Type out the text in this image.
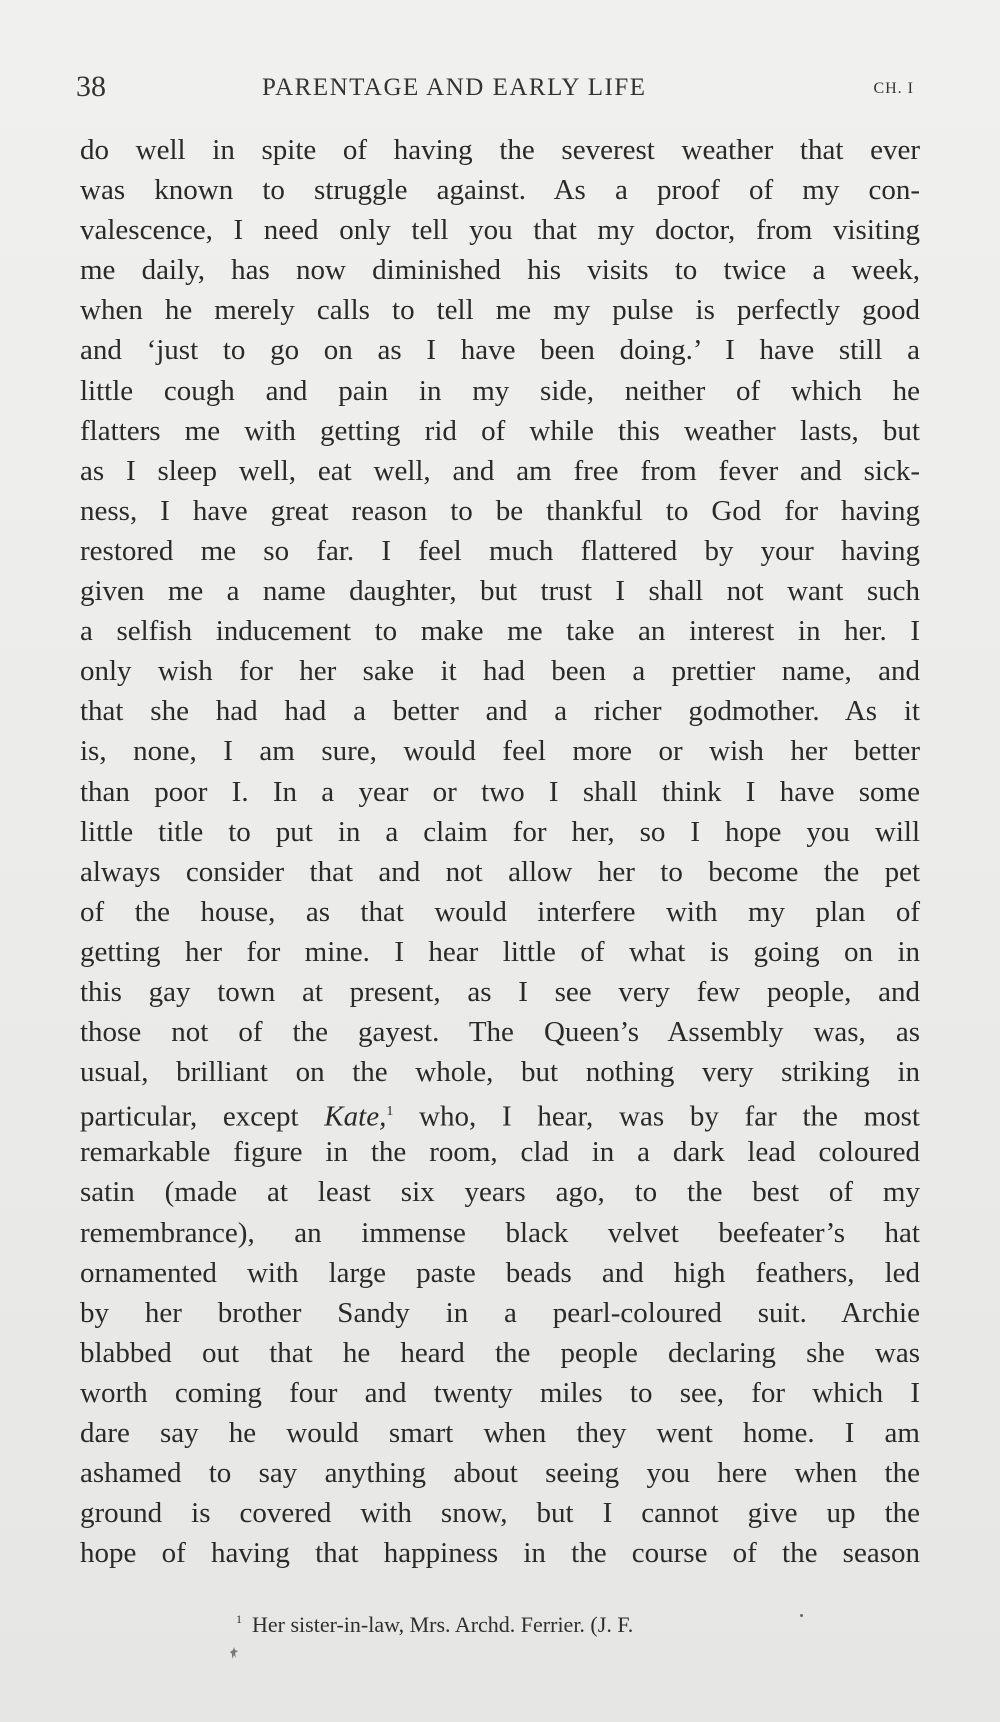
38	PARENTAGE AND EARLY LIFE	CH. I
do well in spite of having the severest weather that ever
was known to struggle against. As a proof of my con-
valescence, I need only tell you that my doctor, from visiting
me daily, has now diminished his visits to twice a week,
when he merely calls to tell me my pulse is perfectly good
and ‘just to go on as I have been doing.’ I have still a
little cough and pain in my side, neither of which he
flatters me with getting rid of while this weather lasts, but
as I sleep well, eat well, and am free from fever and sick-
ness, I have great reason to be thankful to God for having
restored me so far. I feel much flattered by your having
given me a name daughter, but trust I shall not want such
a selfish inducement to make me take an interest in her. I
only wish for her sake it had been a prettier name, and
that she had had a better and a richer godmother. As it
is, none, I am sure, would feel more or wish her better
than poor I. In a year or two I shall think I have some
little title to put in a claim for her, so I hope you will
always consider that and not allow her to become the pet
of the house, as that would interfere with my plan of
getting her for mine. I hear little of what is going on in
this gay town at present, as I see very few people, and
those not of the gayest. The Queen’s Assembly was, as
usual, brilliant on the whole, but nothing very striking in
particular, except Kate,$^1$ who, I hear, was by far the most
remarkable figure in the room, clad in a dark lead coloured
satin (made at least six years ago, to the best of my
remembrance), an immense black velvet beefeater’s hat
ornamented with large paste beads and high feathers, led
by her brother Sandy in a pearl-coloured suit. Archie
blabbed out that he heard the people declaring she was
worth coming four and twenty miles to see, for which I
dare say he would smart when they went home. I am
ashamed to say anything about seeing you here when the
ground is covered with snow, but I cannot give up the
hope of having that happiness in the course of the season
$^1$ Her sister-in-law, Mrs. Archd. Ferrier. (J. F.
